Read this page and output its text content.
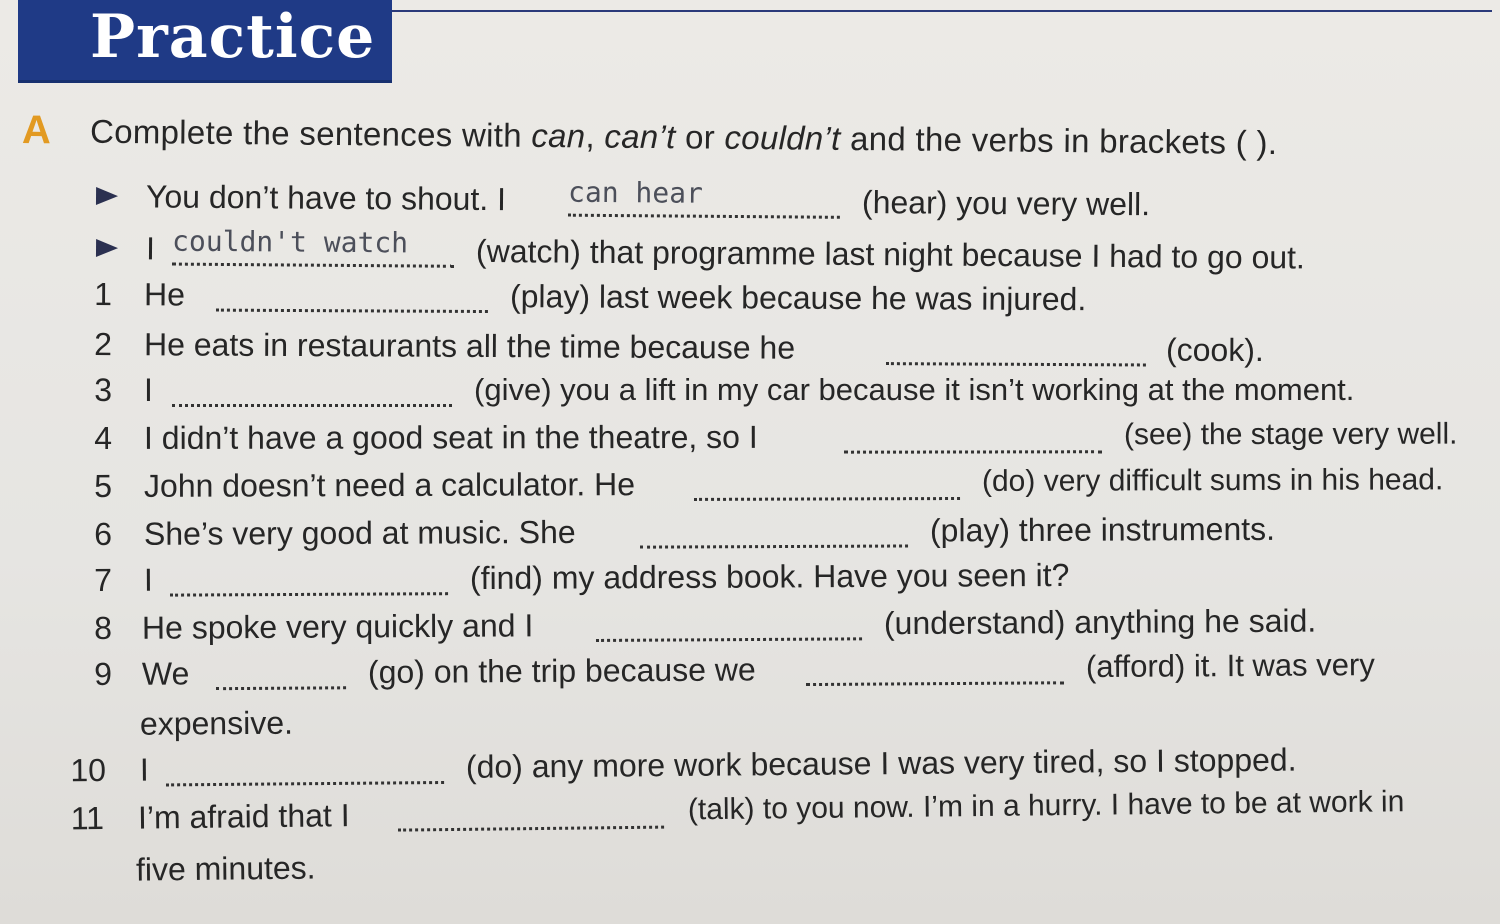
Practice
A Complete the sentences with can, can’t or couldn’t and the verbs in brackets ( ).
You don’t have to shout. I can hear	(hear) you very well.
I couldn't watch (watch) that programme last night because I had to go out.
1 He	(play) last week because he was injured.
2 He eats in restaurants all the time because he	(cook).
3 I	(give) you a lift in my car because it isn’t working at the moment.
4 I didn’t have a good seat in the theatre, so I	(see) the stage very well.
5 John doesn’t need a calculator. He	(do) very difficult sums in his head.
6 She’s very good at music. She	(play) three instruments.
7 I	(find) my address book. Have you seen it?
8 He spoke very quickly and I	(understand) anything he said.
9 We	(go) on the trip because we	(afford) it. It was very
expensive.
10 I	(do) any more work because I was very tired, so I stopped.
11 I’m afraid that I	(talk) to you now. I’m in a hurry. I have to be at work in
five minutes.
